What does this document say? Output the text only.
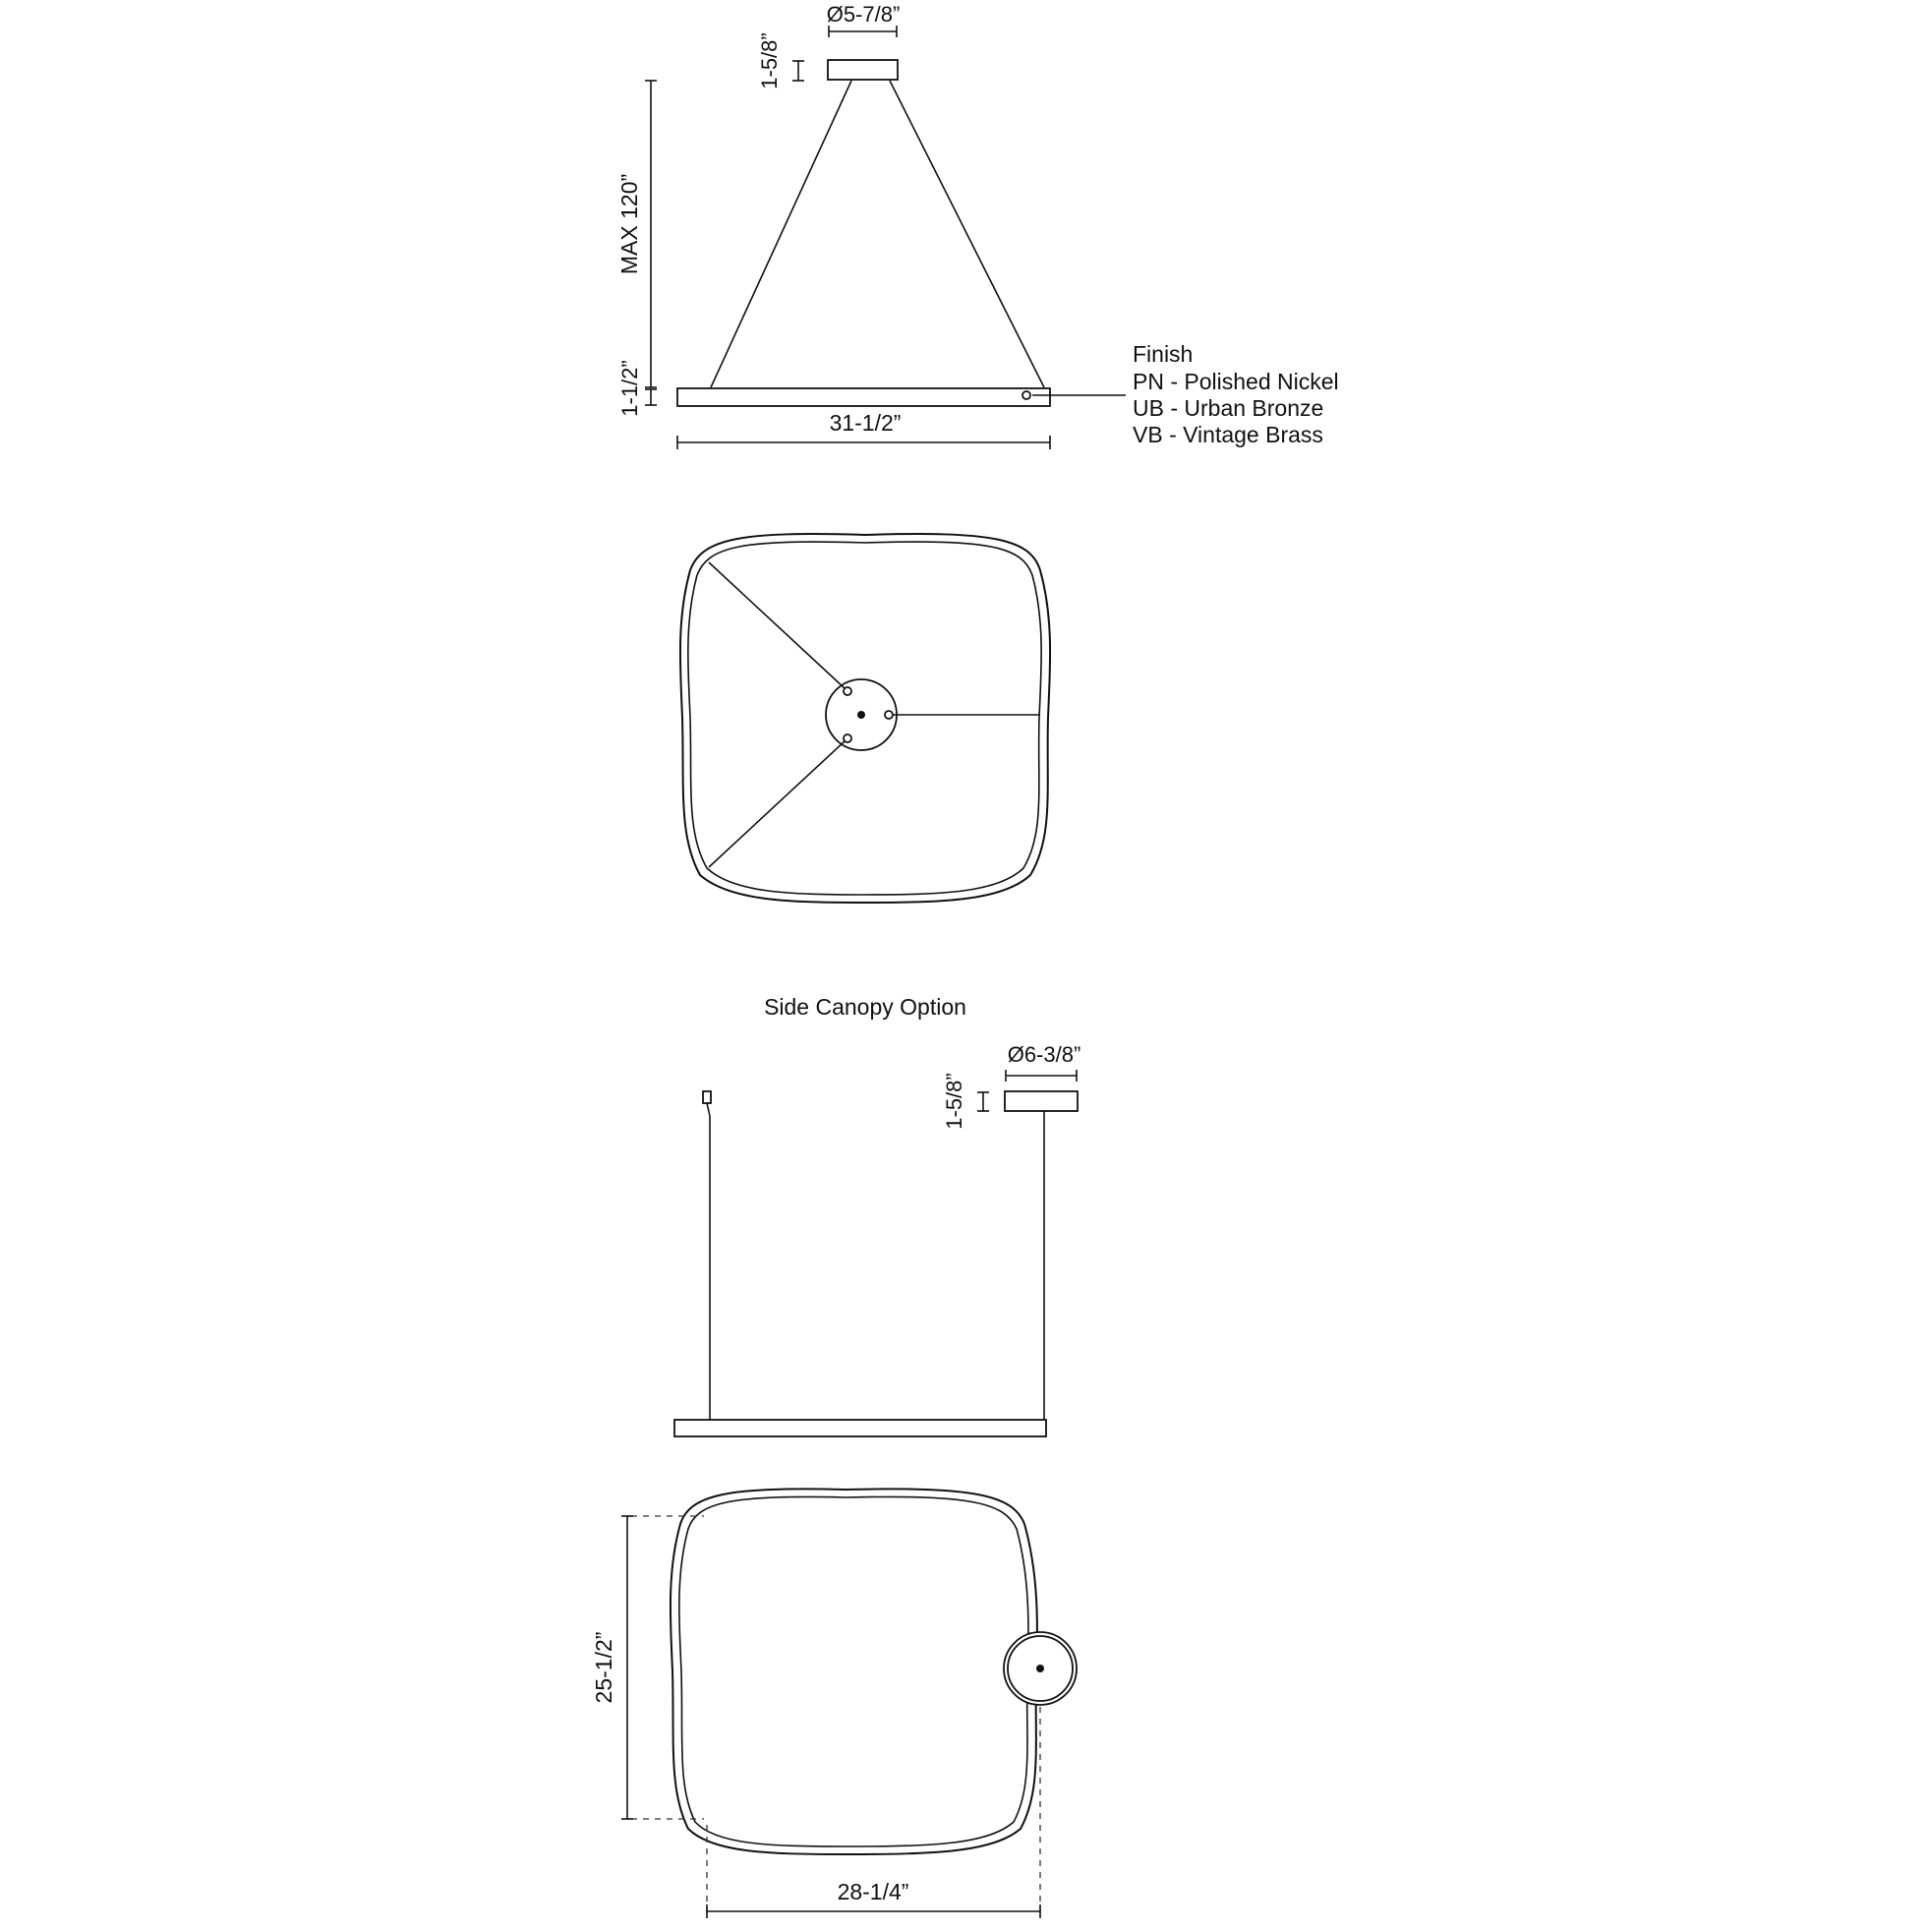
Ø5-7/8”
1-5/8”
MAX 120”
1-1/2”
31-1/2”
Finish
PN - Polished Nickel
UB - Urban Bronze
VB - Vintage Brass
Side Canopy Option
Ø6-3/8”
1-5/8”
25-1/2”
28-1/4”
